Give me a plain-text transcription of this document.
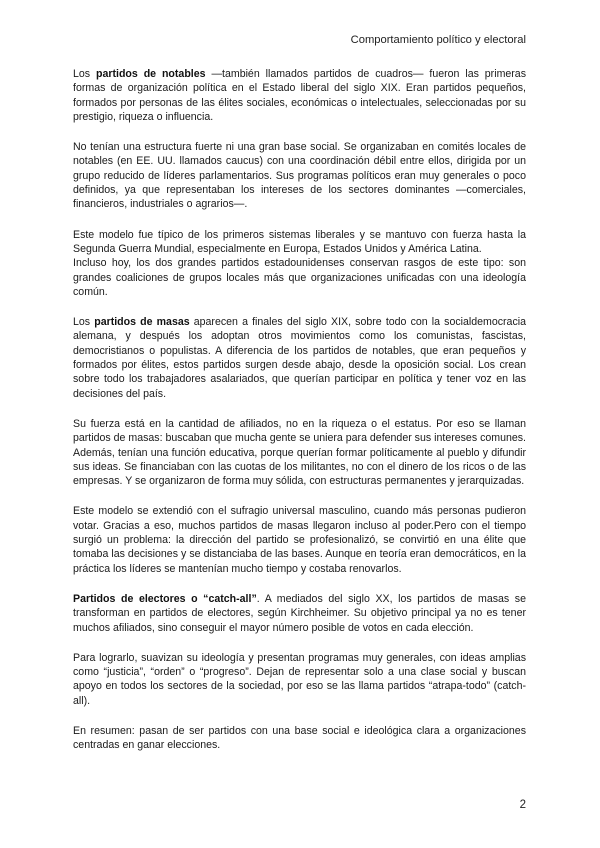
Comportamiento político y electoral

Los partidos de notables —también llamados partidos de cuadros— fueron las primeras formas de organización política en el Estado liberal del siglo XIX. Eran partidos pequeños, formados por personas de las élites sociales, económicas o intelectuales, seleccionadas por su prestigio, riqueza o influencia.

No tenían una estructura fuerte ni una gran base social. Se organizaban en comités locales de notables (en EE. UU. llamados caucus) con una coordinación débil entre ellos, dirigida por un grupo reducido de líderes parlamentarios. Sus programas políticos eran muy generales o poco definidos, ya que representaban los intereses de los sectores dominantes —comerciales, financieros, industriales o agrarios—.

Este modelo fue típico de los primeros sistemas liberales y se mantuvo con fuerza hasta la Segunda Guerra Mundial, especialmente en Europa, Estados Unidos y América Latina.

Incluso hoy, los dos grandes partidos estadounidenses conservan rasgos de este tipo: son grandes coaliciones de grupos locales más que organizaciones unificadas con una ideología común.

Los partidos de masas aparecen a finales del siglo XIX, sobre todo con la socialdemocracia alemana, y después los adoptan otros movimientos como los comunistas, fascistas, democristianos o populistas. A diferencia de los partidos de notables, que eran pequeños y formados por élites, estos partidos surgen desde abajo, desde la oposición social. Los crean sobre todo los trabajadores asalariados, que querían participar en política y tener voz en las decisiones del país.

Su fuerza está en la cantidad de afiliados, no en la riqueza o el estatus. Por eso se llaman partidos de masas: buscaban que mucha gente se uniera para defender sus intereses comunes. Además, tenían una función educativa, porque querían formar políticamente al pueblo y difundir sus ideas. Se financiaban con las cuotas de los militantes, no con el dinero de los ricos o de las empresas. Y se organizaron de forma muy sólida, con estructuras permanentes y jerarquizadas.

Este modelo se extendió con el sufragio universal masculino, cuando más personas pudieron votar. Gracias a eso, muchos partidos de masas llegaron incluso al poder.Pero con el tiempo surgió un problema: la dirección del partido se profesionalizó, se convirtió en una élite que tomaba las decisiones y se distanciaba de las bases. Aunque en teoría eran democráticos, en la práctica los líderes se mantenían mucho tiempo y costaba renovarlos.

Partidos de electores o “catch-all”. A mediados del siglo XX, los partidos de masas se transforman en partidos de electores, según Kirchheimer. Su objetivo principal ya no es tener muchos afiliados, sino conseguir el mayor número posible de votos en cada elección.

Para lograrlo, suavizan su ideología y presentan programas muy generales, con ideas amplias como “justicia”, “orden” o “progreso”. Dejan de representar solo a una clase social y buscan apoyo en todos los sectores de la sociedad, por eso se las llama partidos “atrapa-todo” (catch-all).

En resumen: pasan de ser partidos con una base social e ideológica clara a organizaciones centradas en ganar elecciones.

2
